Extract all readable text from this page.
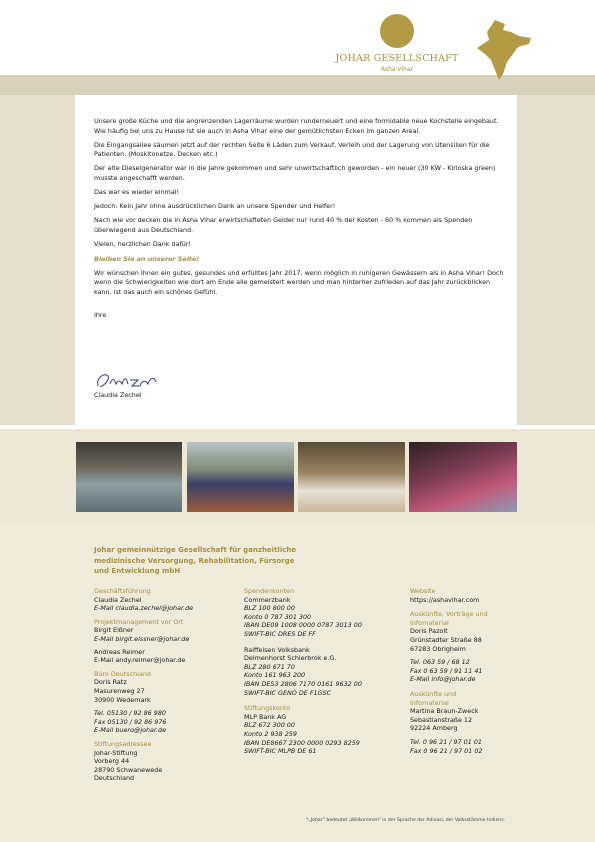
JOHAR GESELLSCHAFT
Asha Vihar

Unsere große Küche und die angrenzenden Lagerräume wurden runderneuert und eine formidable neue Kochstelle eingebaut. Wie häufig bei uns zu Hause ist sie auch in Asha Vihar eine der gemütlichsten Ecken im ganzen Areal.

Die Eingangsallee säumen jetzt auf der rechten Seite 6 Läden zum Verkauf, Verleih und der Lagerung von Utensilien für die Patienten, (Moskitonetze, Decken etc.)

Der alte Dieselgenerator war in die Jahre gekommen und sehr unwirtschaftlich geworden - ein neuer (30 KW - Kirloska green) musste angeschafft werden.

Das war es wieder einmal!

Jedoch: Kein Jahr ohne ausdrücklichen Dank an unsere Spender und Helfer!

Nach wie vor decken die in Asha Vihar erwirtschafteten Gelder nur rund 40 % der Kosten - 60 % kommen als Spenden überwiegend aus Deutschland.

Vielen, herzlichen Dank dafür!

Bleiben Sie an unserer Seite!

Wir wünschen Ihnen ein gutes, gesundes und erfülltes Jahr 2017, wenn möglich in ruhigeren Gewässern als in Asha Vihar! Doch wenn die Schwierigkeiten wie dort am Ende alle gemeistert werden und man hinterher zufrieden auf das Jahr zurückblicken kann, ist das auch ein schönes Gefühl.

Ihre

Claudia Zechel
Johar gemeinnützige Gesellschaft für ganzheitliche
medizinische Versorgung, Rehabilitation, Fürsorge
und Entwicklung mbH
Geschäftsführung
Claudia Zechel
E-Mail claudia.zechel@johar.de
Projektmanagement vor Ort
Birgit Elßner
E-Mail birgit.eissner@johar.de
Andreas Reimer
E-Mail andy.reimer@johar.de
Büro Deutschland
Doris Ratz
Masurenweg 27
30900 Wedemark
Tel. 05130 / 92 86 980
Fax 05130 / 92 86 976
E-Mail buero@johar.de
Stiftungsadressee
Johar-Stiftung
Vorberg 44
28790 Schwanewede
Deutschland
Spendenkonten
Commerzbank
BLZ 100 800 00
Konto 0 787 301 300
IBAN DE09 1008 0000 0787 3013 00
SWIFT-BIC DRES DE FF
Raiffeisen Volksbank
Delmenhorst Schierbrok e.G.
BLZ 280 671 70
Konto 161 963 200
IBAN DE53 2806 7170 0161 9632 00
SWIFT-BIC GENO DE F1GSC
Stiftungskonto
MLP Bank AG
BLZ 672 300 00
Konto 2 938 259
IBAN DE8667 2300 0000 0293 8259
SWIFT-BIC MLPB DE 61
Website
https://ashavihar.com
Auskünfte, Vorträge und
Infomaterial
Doris Pazolt
Grünstadter Straße 88
67283 Obrigheim
Tel. 063 59 / 68 12
Fax 0 63 59 / 91 11 41
E-Mail info@johar.de
Auskünfte und
Infomaterial
Martina Braun-Zweck
Sebastianstraße 12
92224 Amberg
Tel. 0 96 21 / 97 01 01
Fax 0 96 21 / 97 01 02
*„Johar“ bedeutet „Willkommen“ in der Sprache der Adivasi, der Volksstämme Indiens.
